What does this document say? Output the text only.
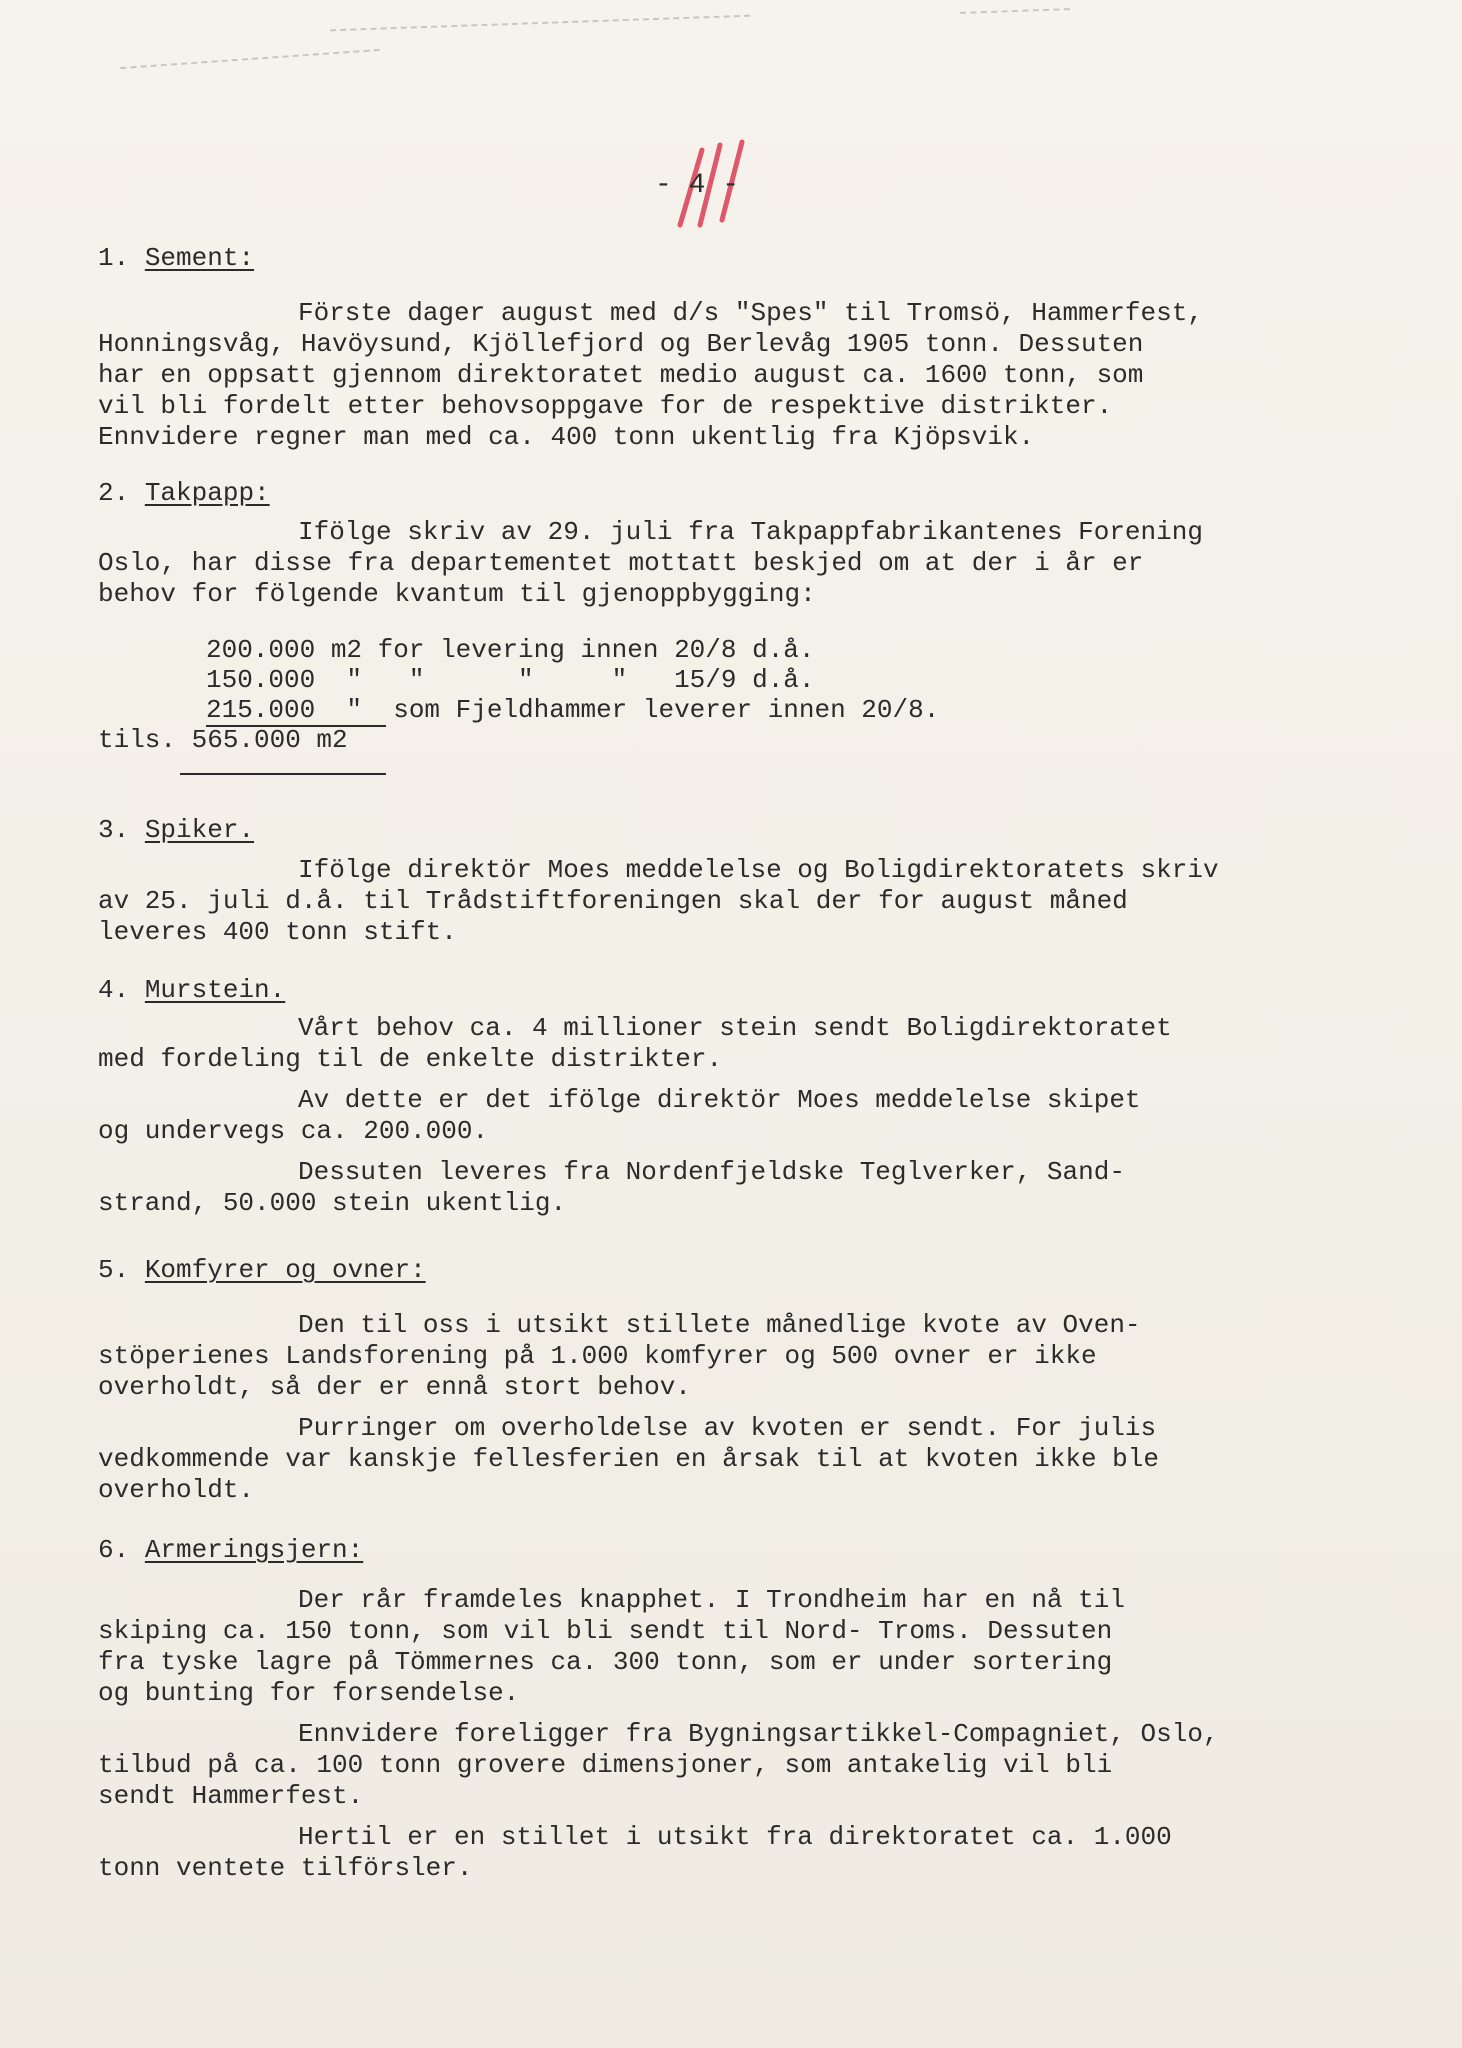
- 4 -
1. Sement:
Förste dager august med d/s "Spes" til Tromsö, Hammerfest,
Honningsvåg, Havöysund, Kjöllefjord og Berlevåg 1905 tonn. Dessuten
har en oppsatt gjennom direktoratet medio august ca. 1600 tonn, som
vil bli fordelt etter behovsoppgave for de respektive distrikter.
Ennvidere regner man med ca. 400 tonn ukentlig fra Kjöpsvik.
2. Takpapp:
Ifölge skriv av 29. juli fra Takpappfabrikantenes Forening
Oslo, har disse fra departementet mottatt beskjed om at der i år er
behov for fölgende kvantum til gjenoppbygging:
200.000 m2 for levering innen 20/8 d.å.
150.000  "   "      "     "   15/9 d.å.
215.000  "  som Fjeldhammer leverer innen 20/8.
tils. 565.000 m2
3. Spiker.
Ifölge direktör Moes meddelelse og Boligdirektoratets skriv
av 25. juli d.å. til Trådstiftforeningen skal der for august måned
leveres 400 tonn stift.
4. Murstein.
Vårt behov ca. 4 millioner stein sendt Boligdirektoratet
med fordeling til de enkelte distrikter.
Av dette er det ifölge direktör Moes meddelelse skipet
og undervegs ca. 200.000.
Dessuten leveres fra Nordenfjeldske Teglverker, Sand-
strand, 50.000 stein ukentlig.
5. Komfyrer og ovner:
Den til oss i utsikt stillete månedlige kvote av Oven-
stöperienes Landsforening på 1.000 komfyrer og 500 ovner er ikke
overholdt, så der er ennå stort behov.
Purringer om overholdelse av kvoten er sendt. For julis
vedkommende var kanskje fellesferien en årsak til at kvoten ikke ble
overholdt.
6. Armeringsjern:
Der rår framdeles knapphet. I Trondheim har en nå til
skiping ca. 150 tonn, som vil bli sendt til Nord- Troms. Dessuten
fra tyske lagre på Tömmernes ca. 300 tonn, som er under sortering
og bunting for forsendelse.
Ennvidere foreligger fra Bygningsartikkel-Compagniet, Oslo,
tilbud på ca. 100 tonn grovere dimensjoner, som antakelig vil bli
sendt Hammerfest.
Hertil er en stillet i utsikt fra direktoratet ca. 1.000
tonn ventete tilförsler.
